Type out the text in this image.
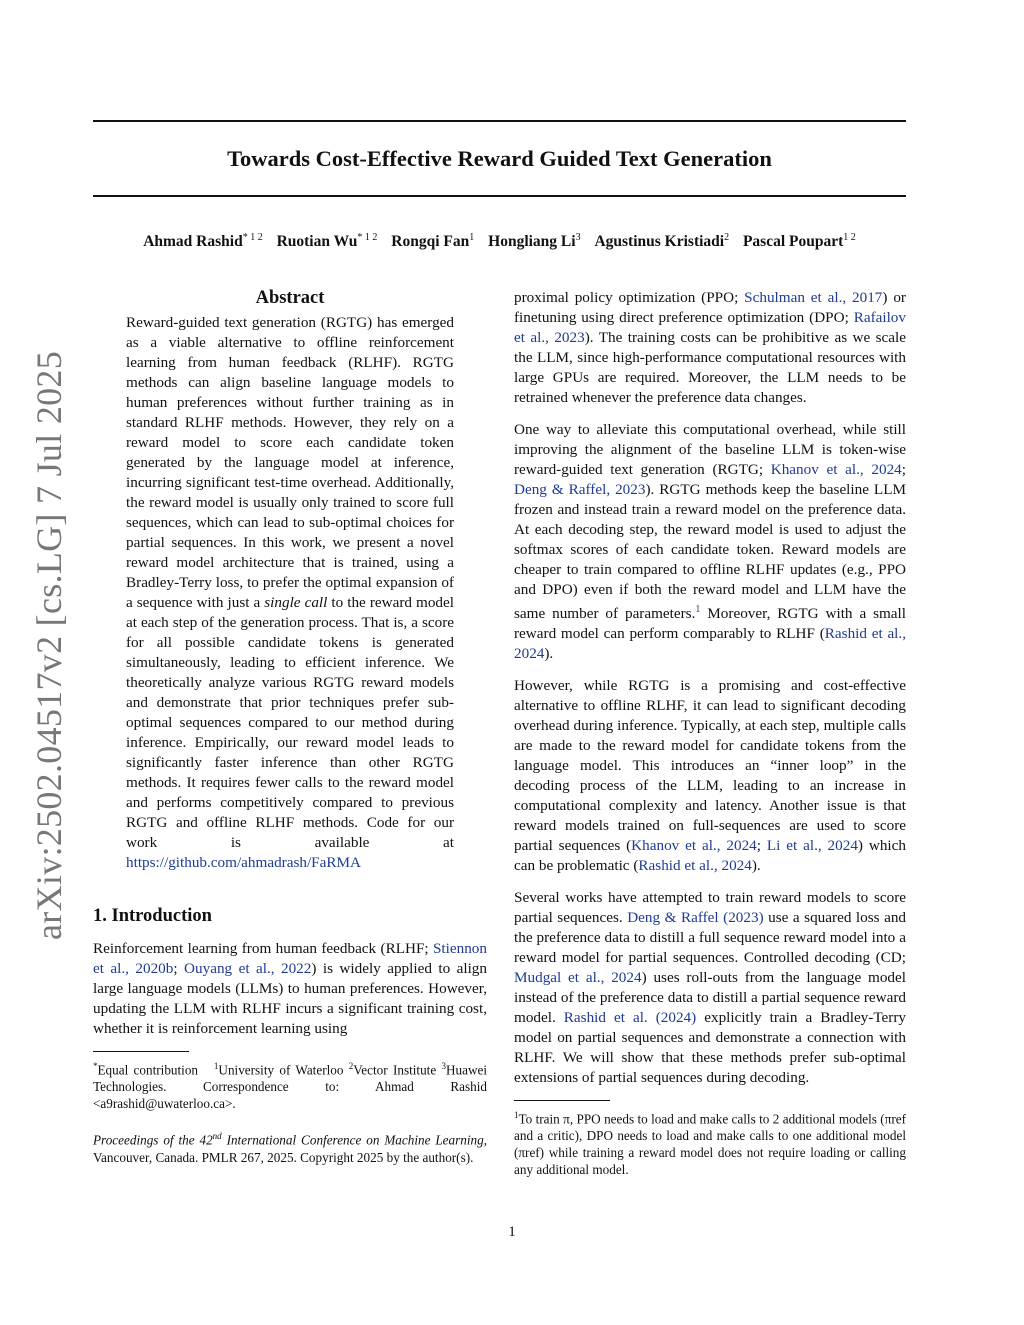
Towards Cost-Effective Reward Guided Text Generation
Ahmad Rashid$^{* 1 2}$ Ruotian $Wu^{* 1 2}$ Rongqi Fan$^1$ Hongliang Li$^3$ Agustinus Kristiadi$^2$ Pascal Poupart$^{1 2}$
arXiv:2502.04517v2 [cs.LG] 7 Jul 2025
Abstract
Reward-guided text generation (RGTG) has emerged as a viable alternative to offline reinforcement learning from human feedback (RLHF). RGTG methods can align baseline language models to human preferences without further training as in standard RLHF methods. However, they rely on a reward model to score each candidate token generated by the language model at inference, incurring significant test-time overhead. Additionally, the reward model is usually only trained to score full sequences, which can lead to sub-optimal choices for partial sequences. In this work, we present a novel reward model architecture that is trained, using a Bradley-Terry loss, to prefer the optimal expansion of a sequence with just a single call to the reward model at each step of the generation process. That is, a score for all possible candidate tokens is generated simultaneously, leading to efficient inference. We theoretically analyze various RGTG reward models and demonstrate that prior techniques prefer sub-optimal sequences compared to our method during inference. Empirically, our reward model leads to significantly faster inference than other RGTG methods. It requires fewer calls to the reward model and performs competitively compared to previous RGTG and offline RLHF methods. Code for our work is available at https://github.com/ahmadrash/FaRMA
1. Introduction

Reinforcement learning from human feedback (RLHF; Stiennon et al., 2020b; Ouyang et al., 2022) is widely applied to align large language models (LLMs) to human preferences. However, updating the LLM with RLHF incurs a significant training cost, whether it is reinforcement learning using

*Equal contribution $^1$University of Waterloo $^2$Vector Institute $^3$Huawei Technologies. Correspondence to: Ahmad Rashid <a9rashid@uwaterloo.ca>.

Proceedings of the 42nd International Conference on Machine Learning, Vancouver, Canada. PMLR 267, 2025. Copyright 2025 by the author(s).

proximal policy optimization (PPO; Schulman et al., 2017) or finetuning using direct preference optimization (DPO; Rafailov et al., 2023). The training costs can be prohibitive as we scale the LLM, since high-performance computational resources with large GPUs are required. Moreover, the LLM needs to be retrained whenever the preference data changes.

One way to alleviate this computational overhead, while still improving the alignment of the baseline LLM is token-wise reward-guided text generation (RGTG; Khanov et al., 2024; Deng & Raffel, 2023). RGTG methods keep the baseline LLM frozen and instead train a reward model on the preference data. At each decoding step, the reward model is used to adjust the softmax scores of each candidate token. Reward models are cheaper to train compared to offline RLHF updates (e.g., PPO and DPO) even if both the reward model and LLM have the same number of parameters.$^1$ Moreover, RGTG with a small reward model can perform comparably to RLHF (Rashid et al., 2024).

However, while RGTG is a promising and cost-effective alternative to offline RLHF, it can lead to significant decoding overhead during inference. Typically, at each step, multiple calls are made to the reward model for candidate tokens from the language model. This introduces an “inner loop” in the decoding process of the LLM, leading to an increase in computational complexity and latency. Another issue is that reward models trained on full-sequences are used to score partial sequences (Khanov et al., 2024; Li et al., 2024) which can be problematic (Rashid et al., 2024).

Several works have attempted to train reward models to score partial sequences. Deng & Raffel (2023) use a squared loss and the preference data to distill a full sequence reward model into a reward model for partial sequences. Controlled decoding (CD; Mudgal et al., 2024) uses roll-outs from the language model instead of the preference data to distill a partial sequence reward model. Rashid et al. (2024) explicitly train a Bradley-Terry model on partial sequences and demonstrate a connection with RLHF. We will show that these methods prefer sub-optimal extensions of partial sequences during decoding.

$^1$To train π, PPO needs to load and make calls to 2 additional models (πref and a critic), DPO needs to load and make calls to one additional model (πref) while training a reward model does not require loading or calling any additional model.

1
